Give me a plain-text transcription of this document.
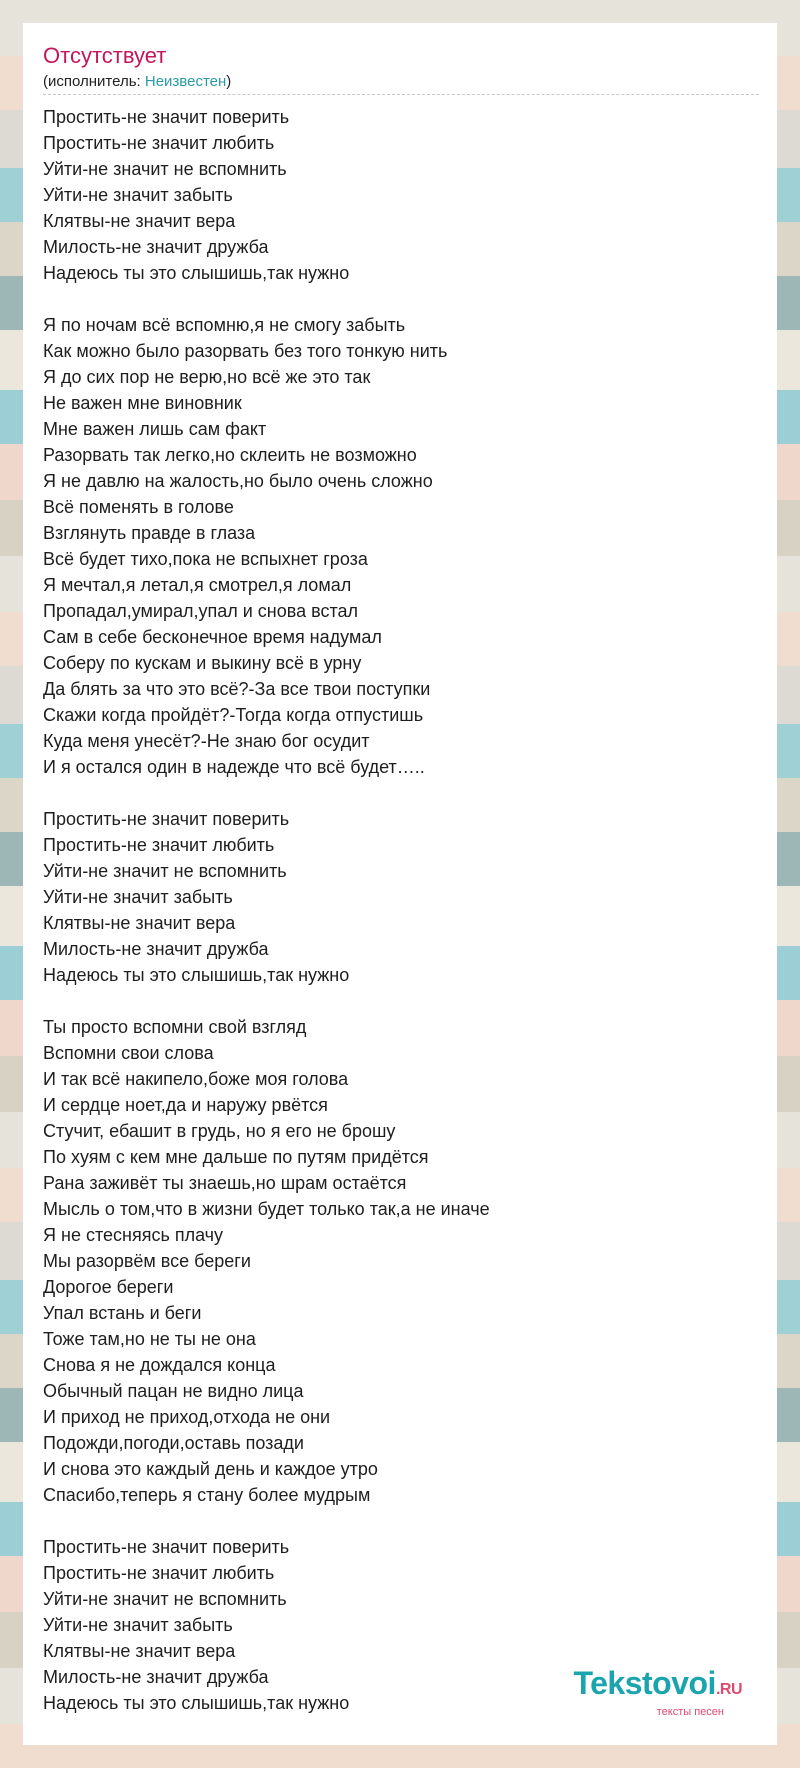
Отсутствует
(исполнитель: Неизвестен)
Простить-не значит поверить
Простить-не значит любить
Уйти-не значит не вспомнить
Уйти-не значит забыть
Клятвы-не значит вера
Милость-не значит дружба
Надеюсь ты это слышишь,так нужно
Я по ночам всё вспомню,я не смогу забыть
Как можно было разорвать без того тонкую нить
Я до сих пор не верю,но всё же это так
Не важен мне виновник
Мне важен лишь сам факт
Разорвать так легко,но склеить не возможно
Я не давлю на жалость,но было очень сложно
Всё поменять в голове
Взглянуть правде в глаза
Всё будет тихо,пока не вспыхнет гроза
Я мечтал,я летал,я смотрел,я ломал
Пропадал,умирал,упал и снова встал
Сам в себе бесконечное время надумал
Соберу по кускам и выкину всё в урну
Да блять за что это всё?-За все твои поступки
Скажи когда пройдёт?-Тогда когда отпустишь
Куда меня унесёт?-Не знаю бог осудит
И я остался один в надежде что всё будет…..
Простить-не значит поверить
Простить-не значит любить
Уйти-не значит не вспомнить
Уйти-не значит забыть
Клятвы-не значит вера
Милость-не значит дружба
Надеюсь ты это слышишь,так нужно
Ты просто вспомни свой взгляд
Вспомни свои слова
И так всё накипело,боже моя голова
И сердце ноет,да и наружу рвётся
Стучит, ебашит в грудь, но я его не брошу
По хуям с кем мне дальше по путям придётся
Рана заживёт ты знаешь,но шрам остаётся
Мысль о том,что в жизни будет только так,а не иначе
Я не стесняясь плачу
Мы разорвём все береги
Дорогое береги
Упал встань и беги
Тоже там,но не ты не она
Снова я не дождался конца
Обычный пацан не видно лица
И приход не приход,отхода не они
Подожди,погоди,оставь позади
И снова это каждый день и каждое утро
Спасибо,теперь я стану более мудрым
Простить-не значит поверить
Простить-не значит любить
Уйти-не значит не вспомнить
Уйти-не значит забыть
Клятвы-не значит вера
Милость-не значит дружба
Надеюсь ты это слышишь,так нужно
Tekstovoi.RU
тексты песен
